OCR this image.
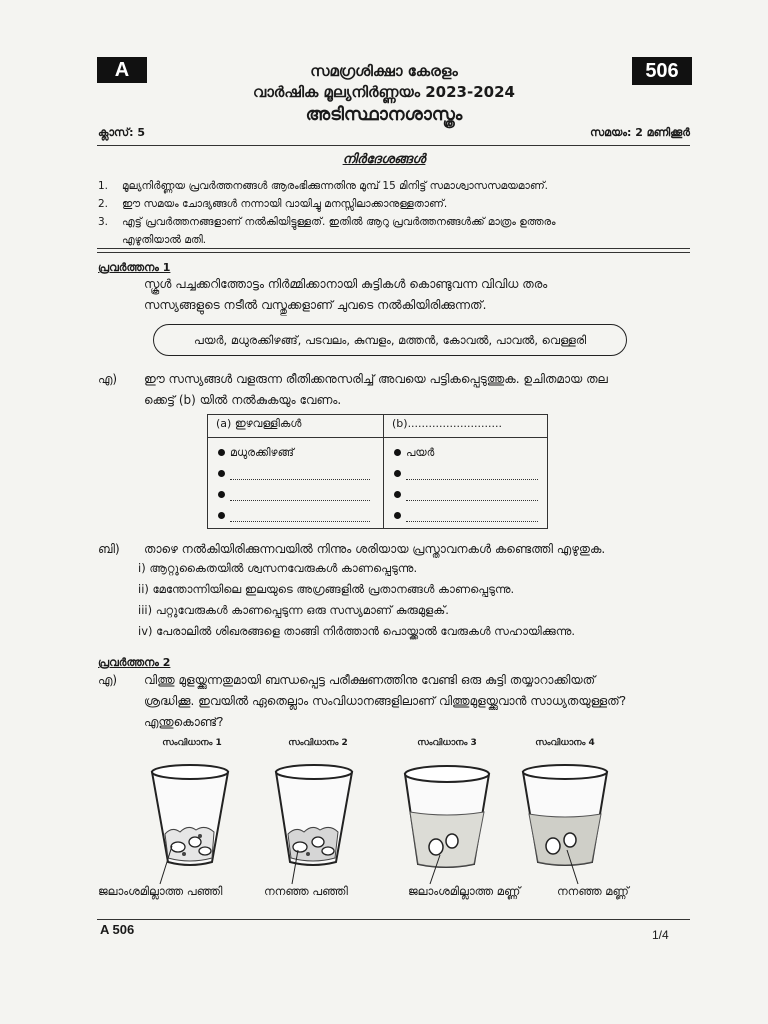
A	506
സമഗ്രശിക്ഷാ കേരളം
വാർഷിക മൂല്യനിർണ്ണയം 2023-2024
അടിസ്ഥാനശാസ്ത്രം
ക്ലാസ്: 5	സമയം: 2 മണിക്കൂർ
നിർദേശങ്ങൾ
1.	മൂല്യനിർണ്ണയ പ്രവർത്തനങ്ങൾ ആരംഭിക്കുന്നതിനു മുമ്പ് 15 മിനിട്ട് സമാശ്വാസസമയമാണ്.
2.	ഈ സമയം ചോദ്യങ്ങൾ നന്നായി വായിച്ചു മനസ്സിലാക്കാനുള്ളതാണ്.
3.	എട്ട് പ്രവർത്തനങ്ങളാണ് നൽകിയിട്ടുള്ളത്. ഇതിൽ ആറു പ്രവർത്തനങ്ങൾക്ക് മാത്രം ഉത്തരം
എഴുതിയാൽ മതി.
പ്രവർത്തനം 1
സ്കൂൾ പച്ചക്കറിത്തോട്ടം നിർമ്മിക്കാനായി കുട്ടികൾ കൊണ്ടുവന്ന വിവിധ തരം
സസ്യങ്ങളുടെ നടീൽ വസ്തുക്കളാണ് ചുവടെ നൽകിയിരിക്കുന്നത്.
പയർ, മധുരക്കിഴങ്ങ്, പടവലം, കുമ്പളം, മത്തൻ, കോവൽ, പാവൽ, വെള്ളരി
എ) ഈ സസ്യങ്ങൾ വളരുന്ന രീതിക്കനുസരിച്ച് അവയെ പട്ടികപ്പെടുത്തുക. ഉചിതമായ തല
ക്കെട്ട് (b) യിൽ നൽകുകയും വേണം.
(a) ഇഴവള്ളികൾ	(b)...........................

മധുരക്കിഴങ്ങ്	പയർ
ബി) താഴെ നൽകിയിരിക്കുന്നവയിൽ നിന്നും ശരിയായ പ്രസ്താവനകൾ കണ്ടെത്തി എഴുതുക.
i) ആറ്റുകൈതയിൽ ശ്വസനവേരുകൾ കാണപ്പെടുന്നു.
ii) മേന്തോന്നിയിലെ ഇലയുടെ അഗ്രങ്ങളിൽ പ്രതാനങ്ങൾ കാണപ്പെടുന്നു.
iii) പറ്റുവേരുകൾ കാണപ്പെടുന്ന ഒരു സസ്യമാണ് കുരുമുളക്.
iv) പേരാലിൽ ശിഖരങ്ങളെ താങ്ങി നിർത്താൻ പൊയ്ക്കാൽ വേരുകൾ സഹായിക്കുന്നു.
പ്രവർത്തനം 2
എ) വിത്തു മുളയ്ക്കുന്നതുമായി ബന്ധപ്പെട്ട പരീക്ഷണത്തിനു വേണ്ടി ഒരു കുട്ടി തയ്യാറാക്കിയത്
ശ്രദ്ധിക്കൂ. ഇവയിൽ ഏതെല്ലാം സംവിധാനങ്ങളിലാണ് വിത്തുമുളയ്ക്കുവാൻ സാധ്യതയുള്ളത്?
എന്തുകൊണ്ട്?
സംവിധാനം 1	സംവിധാനം 2	സംവിധാനം 3	സംവിധാനം 4
ജലാംശമില്ലാത്ത പഞ്ഞി	നനഞ്ഞ പഞ്ഞി	ജലാംശമില്ലാത്ത മണ്ണ്	നനഞ്ഞ മണ്ണ്
A 506	1/4
